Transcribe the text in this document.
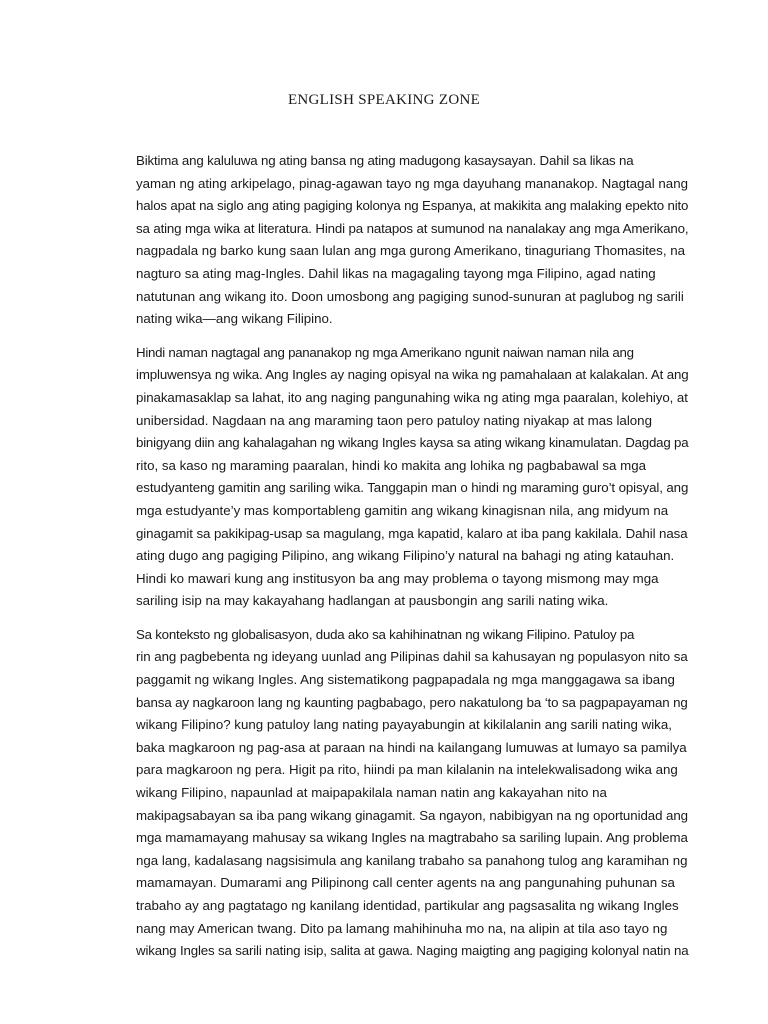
ENGLISH SPEAKING ZONE

Biktima ang kaluluwa ng ating bansa ng ating madugong kasaysayan. Dahil sa likas na
yaman ng ating arkipelago, pinag-agawan tayo ng mga dayuhang mananakop. Nagtagal nang
halos apat na siglo ang ating pagiging kolonya ng Espanya, at makikita ang malaking epekto nito
sa ating mga wika at literatura. Hindi pa natapos at sumunod na nanalakay ang mga Amerikano,
nagpadala ng barko kung saan lulan ang mga gurong Amerikano, tinaguriang Thomasites, na
nagturo sa ating mag-Ingles. Dahil likas na magagaling tayong mga Filipino, agad nating
natutunan ang wikang ito. Doon umosbong ang pagiging sunod-sunuran at paglubog ng sarili
nating wika—ang wikang Filipino.

Hindi naman nagtagal ang pananakop ng mga Amerikano ngunit naiwan naman nila ang
impluwensya ng wika. Ang Ingles ay naging opisyal na wika ng pamahalaan at kalakalan. At ang
pinakamasaklap sa lahat, ito ang naging pangunahing wika ng ating mga paaralan, kolehiyo, at
unibersidad. Nagdaan na ang maraming taon pero patuloy nating niyakap at mas lalong
binigyang diin ang kahalagahan ng wikang Ingles kaysa sa ating wikang kinamulatan. Dagdag pa
rito, sa kaso ng maraming paaralan, hindi ko makita ang lohika ng pagbabawal sa mga
estudyanteng gamitin ang sariling wika. Tanggapin man o hindi ng maraming guro’t opisyal, ang
mga estudyante’y mas komportableng gamitin ang wikang kinagisnan nila, ang midyum na
ginagamit sa pakikipag-usap sa magulang, mga kapatid, kalaro at iba pang kakilala. Dahil nasa
ating dugo ang pagiging Pilipino, ang wikang Filipino’y natural na bahagi ng ating katauhan.
Hindi ko mawari kung ang institusyon ba ang may problema o tayong mismong may mga
sariling isip na may kakayahang hadlangan at pausbongin ang sarili nating wika.

Sa konteksto ng globalisasyon, duda ako sa kahihinatnan ng wikang Filipino. Patuloy pa
rin ang pagbebenta ng ideyang uunlad ang Pilipinas dahil sa kahusayan ng populasyon nito sa
paggamit ng wikang Ingles. Ang sistematikong pagpapadala ng mga manggagawa sa ibang
bansa ay nagkaroon lang ng kaunting pagbabago, pero nakatulong ba ‘to sa pagpapayaman ng
wikang Filipino? kung patuloy lang nating payayabungin at kikilalanin ang sarili nating wika,
baka magkaroon ng pag-asa at paraan na hindi na kailangang lumuwas at lumayo sa pamilya
para magkaroon ng pera. Higit pa rito, hiindi pa man kilalanin na intelekwalisadong wika ang
wikang Filipino, napaunlad at maipapakilala naman natin ang kakayahan nito na
makipagsabayan sa iba pang wikang ginagamit. Sa ngayon, nabibigyan na ng oportunidad ang
mga mamamayang mahusay sa wikang Ingles na magtrabaho sa sariling lupain. Ang problema
nga lang, kadalasang nagsisimula ang kanilang trabaho sa panahong tulog ang karamihan ng
mamamayan. Dumarami ang Pilipinong call center agents na ang pangunahing puhunan sa
trabaho ay ang pagtatago ng kanilang identidad, partikular ang pagsasalita ng wikang Ingles
nang may American twang. Dito pa lamang mahihinuha mo na, na alipin at tila aso tayo ng
wikang Ingles sa sarili nating isip, salita at gawa. Naging maigting ang pagiging kolonyal natin na
